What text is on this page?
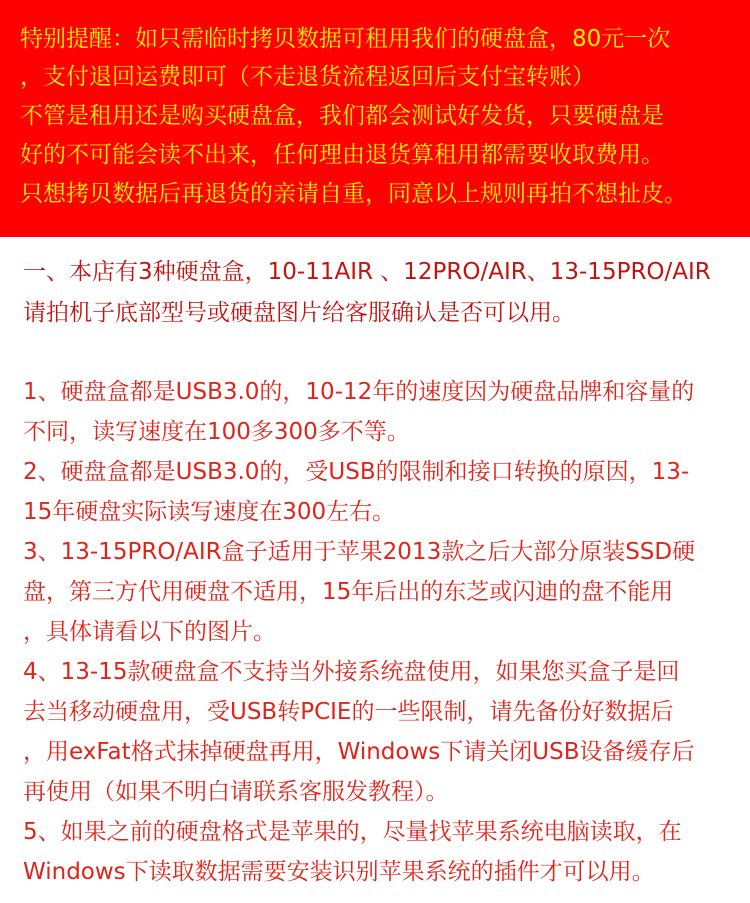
特别提醒：如只需临时拷贝数据可租用我们的硬盘盒，80元一次
，支付退回运费即可（不走退货流程返回后支付宝转账）
不管是租用还是购买硬盘盒，我们都会测试好发货，只要硬盘是
好的不可能会读不出来，任何理由退货算租用都需要收取费用。
只想拷贝数据后再退货的亲请自重，同意以上规则再拍不想扯皮。
一、本店有3种硬盘盒，10-11AIR 、12PRO/AIR、13-15PRO/AIR
请拍机子底部型号或硬盘图片给客服确认是否可以用。
1、硬盘盒都是USB3.0的，10-12年的速度因为硬盘品牌和容量的
不同，读写速度在100多300多不等。
2、硬盘盒都是USB3.0的，受USB的限制和接口转换的原因，13-
15年硬盘实际读写速度在300左右。
3、13-15PRO/AIR盒子适用于苹果2013款之后大部分原装SSD硬
盘，第三方代用硬盘不适用，15年后出的东芝或闪迪的盘不能用
，具体请看以下的图片。
4、13-15款硬盘盒不支持当外接系统盘使用，如果您买盒子是回
去当移动硬盘用，受USB转PCIE的一些限制，请先备份好数据后
，用exFat格式抹掉硬盘再用，Windows下请关闭USB设备缓存后
再使用（如果不明白请联系客服发教程）。
5、如果之前的硬盘格式是苹果的，尽量找苹果系统电脑读取，在
Windows下读取数据需要安装识别苹果系统的插件才可以用。
